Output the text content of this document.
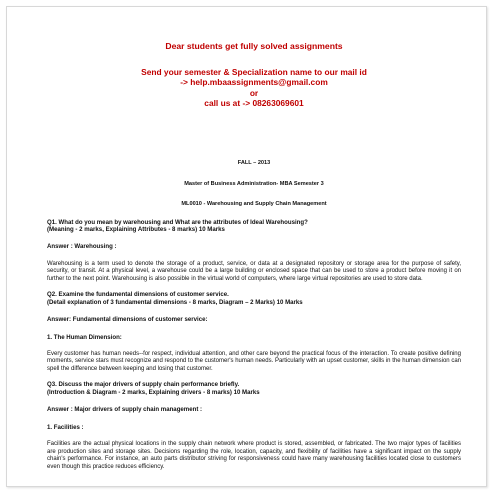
Dear students get fully solved assignments

Send your semester & Specialization name to our mail id

-> help.mbaassignments@gmail.com

or

call us at -> 08263069601

FALL – 2013
Master of Business Administration- MBA Semester 3
ML0010 - Warehousing and Supply Chain Management

Q1. What do you mean by warehousing and What are the attributes of Ideal Warehousing?

(Meaning - 2 marks, Explaining Attributes - 8 marks) 10 Marks

Answer : Warehousing :

Warehousing is a term used to denote the storage of a product, service, or data at a designated repository or storage area for the purpose of safety, security, or transit. At a physical level, a warehouse could be a large building or enclosed space that can be used to store a product before moving it on further to the next point. Warehousing is also possible in the virtual world of computers, where large virtual repositories are used to store data.

Q2. Examine the fundamental dimensions of customer service.

(Detail explanation of 3 fundamental dimensions - 8 marks, Diagram – 2 Marks) 10 Marks

Answer: Fundamental dimensions of customer service:

1. The Human Dimension:

Every customer has human needs--for respect, individual attention, and other care beyond the practical focus of the interaction. To create positive defining moments, service stars must recognize and respond to the customer's human needs. Particularly with an upset customer, skills in the human dimension can spell the difference between keeping and losing that customer.

Q3. Discuss the major drivers of supply chain performance briefly.

(Introduction & Diagram - 2 marks, Explaining drivers - 8 marks) 10 Marks

Answer : Major drivers of supply chain management :

1. Facilities :

Facilities are the actual physical locations in the supply chain network where product is stored, assembled, or fabricated. The two major types of facilities are production sites and storage sites. Decisions regarding the role, location, capacity, and flexibility of facilities have a significant impact on the supply chain's performance. For instance, an auto parts distributor striving for responsiveness could have many warehousing facilities located close to customers even though this practice reduces efficiency.
